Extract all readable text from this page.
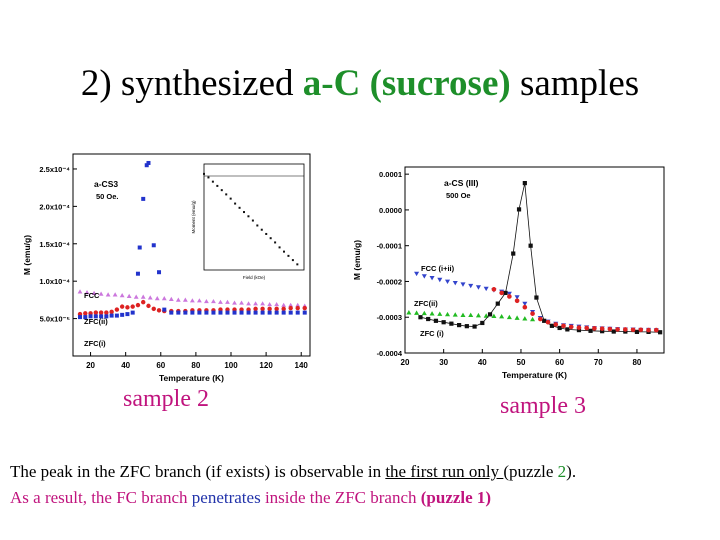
2) synthesized a-C (sucrose) samples
20	40	60	80	100	120	140
5.0x10⁻⁵
1.0x10⁻⁴
1.5x10⁻⁴
2.0x10⁻⁴
2.5x10⁻⁴
Temperature (K)
M (emu/g)
a-CS3
50 Oe.
FCC
ZFC(ii)
ZFC(i)
Field (kOe)
Moment (emu/g)
20	30	40	50	60	70	80
0.0001
0.0000
-0.0001
-0.0002
-0.0003
-0.0004
Temperature (K)
M (emu/g)
a-CS (III)
500 Oe
FCC (i+ii)
ZFC(ii)
ZFC (i)
sample 2	sample 3
The peak in the ZFC branch (if exists) is observable in the first run only (puzzle 2).
As a result, the FC branch penetrates inside the ZFC branch (puzzle 1)
